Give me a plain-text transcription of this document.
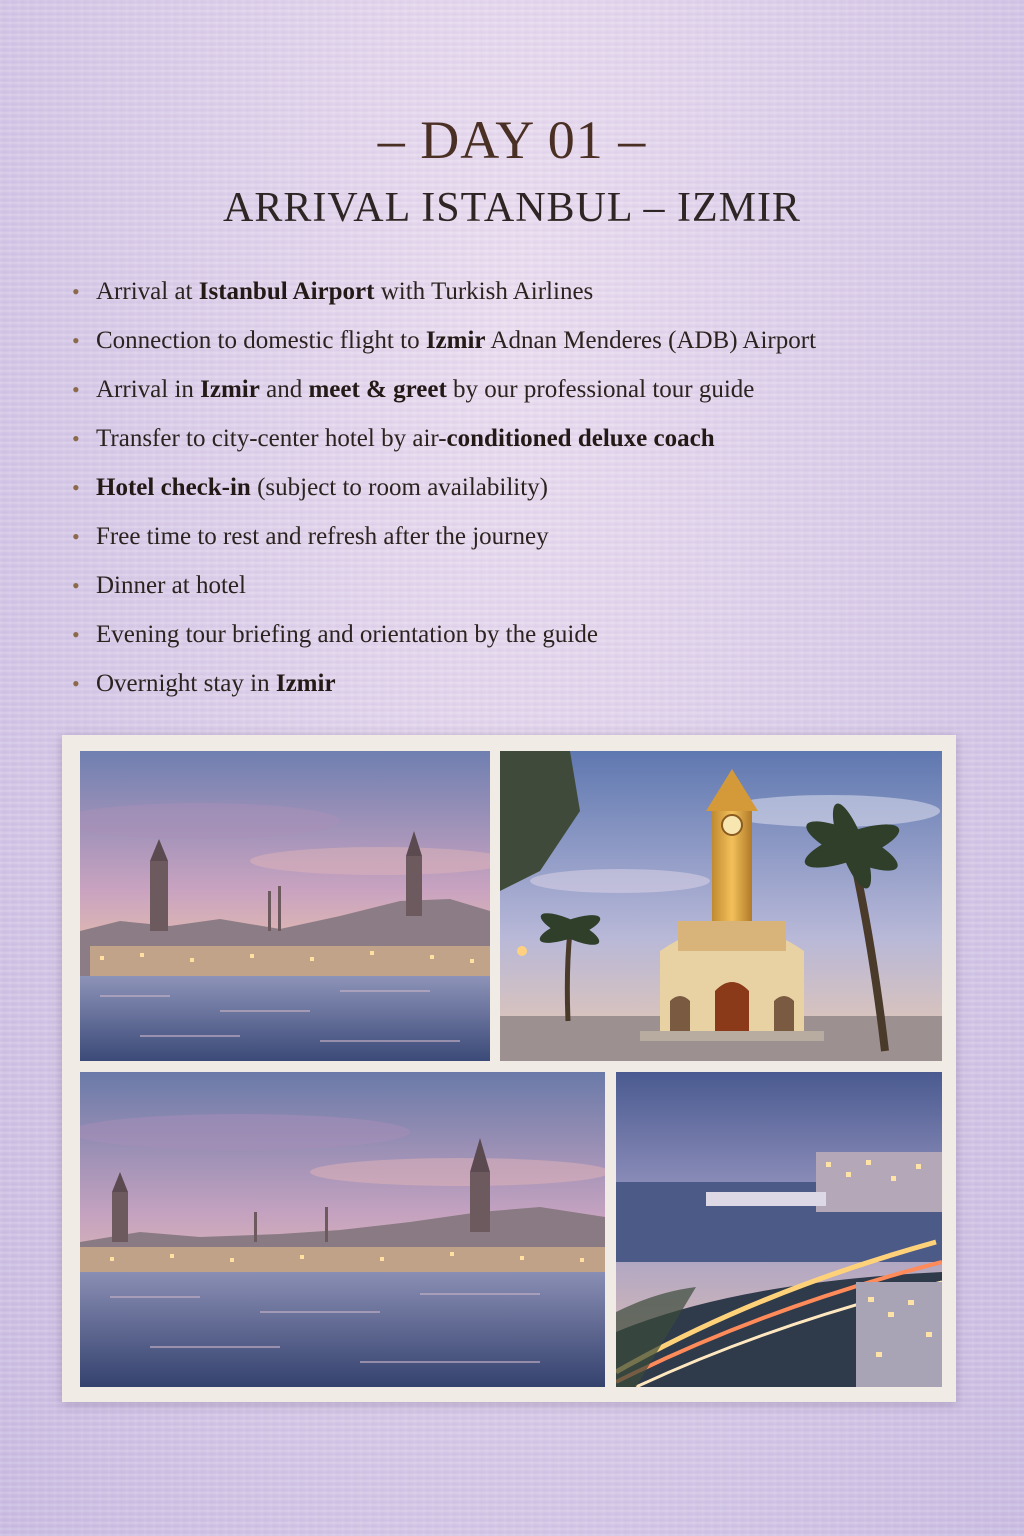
– DAY 01 –
ARRIVAL ISTANBUL – IZMIR
• Arrival at Istanbul Airport with Turkish Airlines
• Connection to domestic flight to Izmir Adnan Menderes (ADB) Airport
• Arrival in Izmir and meet & greet by our professional tour guide
• Transfer to city-center hotel by air-conditioned deluxe coach
• Hotel check-in (subject to room availability)
• Free time to rest and refresh after the journey
• Dinner at hotel
• Evening tour briefing and orientation by the guide
• Overnight stay in Izmir
